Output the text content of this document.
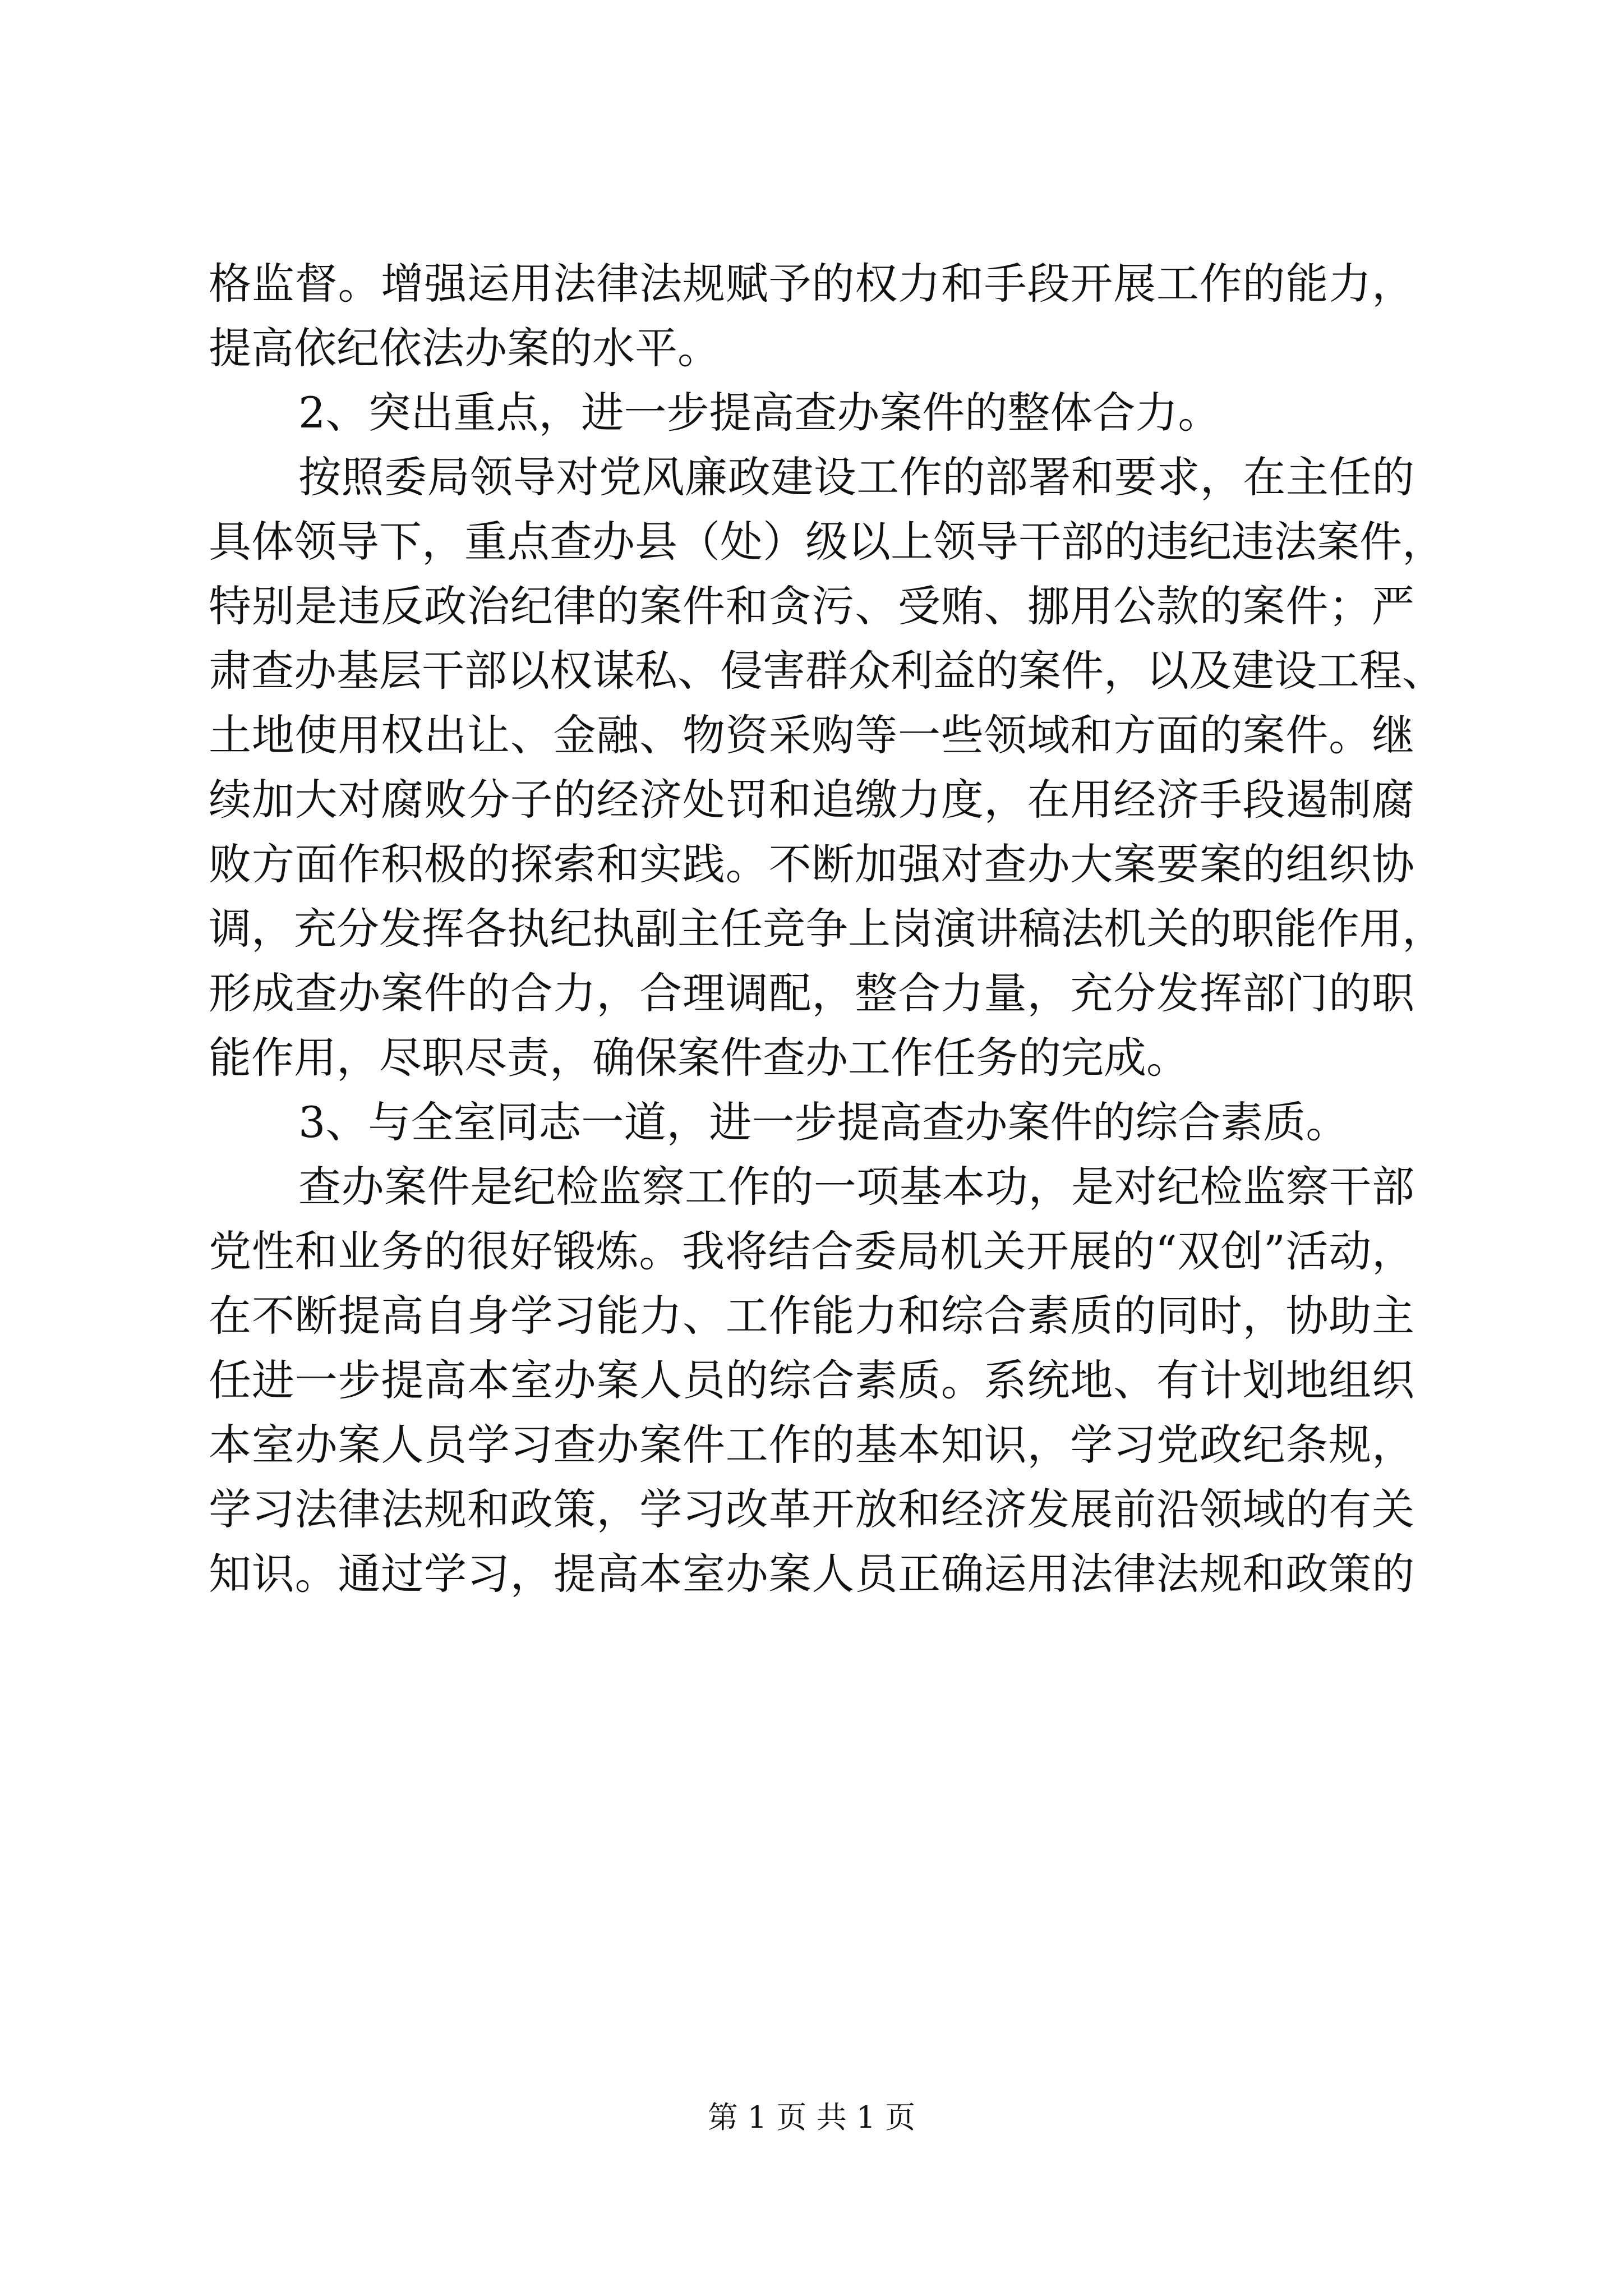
格监督。增强运用法律法规赋予的权力和手段开展工作的能力，
提高依纪依法办案的水平。
2、突出重点，进一步提高查办案件的整体合力。
按照委局领导对党风廉政建设工作的部署和要求，在主任的
具体领导下，重点查办县（处）级以上领导干部的违纪违法案件，
特别是违反政治纪律的案件和贪污、受贿、挪用公款的案件；严
肃查办基层干部以权谋私、侵害群众利益的案件，以及建设工程、
土地使用权出让、金融、物资采购等一些领域和方面的案件。继
续加大对腐败分子的经济处罚和追缴力度，在用经济手段遏制腐
败方面作积极的探索和实践。不断加强对查办大案要案的组织协
调，充分发挥各执纪执副主任竞争上岗演讲稿法机关的职能作用，
形成查办案件的合力，合理调配，整合力量，充分发挥部门的职
能作用，尽职尽责，确保案件查办工作任务的完成。
3、与全室同志一道，进一步提高查办案件的综合素质。
查办案件是纪检监察工作的一项基本功，是对纪检监察干部
党性和业务的很好锻炼。我将结合委局机关开展的“双创”活动，
在不断提高自身学习能力、工作能力和综合素质的同时，协助主
任进一步提高本室办案人员的综合素质。系统地、有计划地组织
本室办案人员学习查办案件工作的基本知识，学习党政纪条规，
学习法律法规和政策，学习改革开放和经济发展前沿领域的有关
知识。通过学习，提高本室办案人员正确运用法律法规和政策的
第 1 页 共 1 页
